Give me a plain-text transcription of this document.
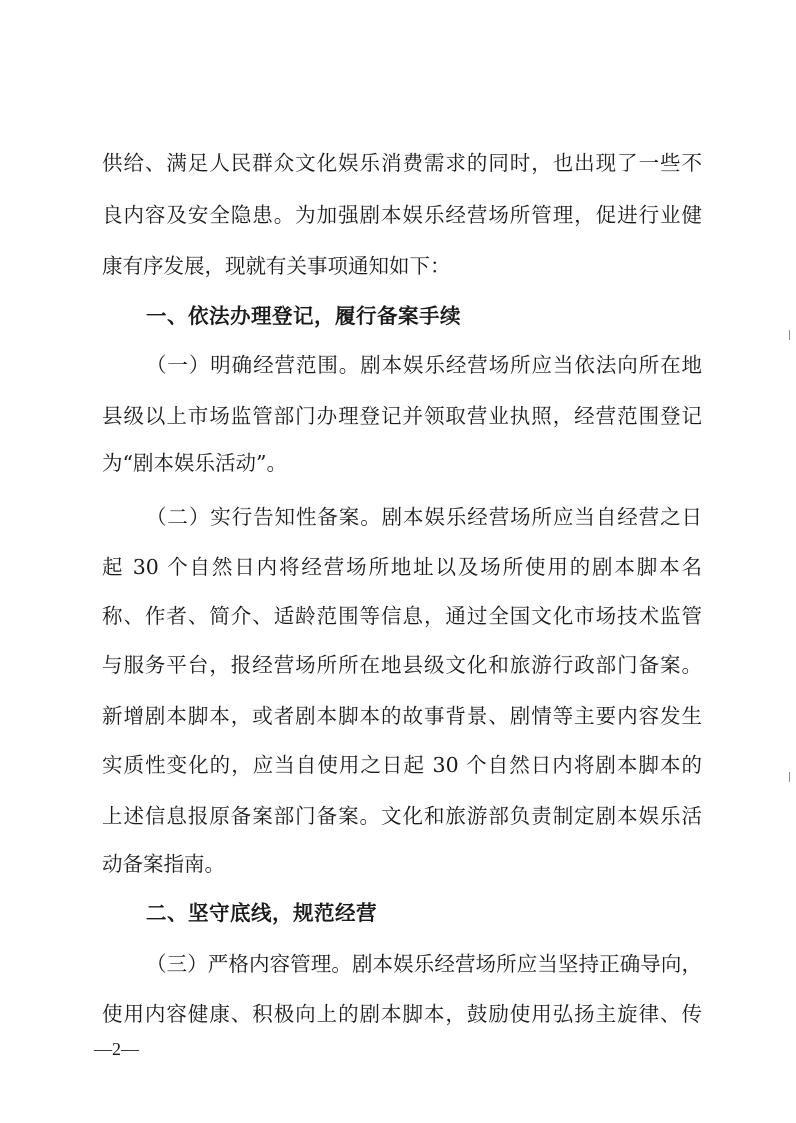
供给、满足人民群众文化娱乐消费需求的同时，也出现了一些不
良内容及安全隐患。为加强剧本娱乐经营场所管理，促进行业健
康有序发展，现就有关事项通知如下：
一、依法办理登记，履行备案手续
（一）明确经营范围。剧本娱乐经营场所应当依法向所在地
县级以上市场监管部门办理登记并领取营业执照，经营范围登记
为“剧本娱乐活动”。
（二）实行告知性备案。剧本娱乐经营场所应当自经营之日
起 30 个自然日内将经营场所地址以及场所使用的剧本脚本名
称、作者、简介、适龄范围等信息，通过全国文化市场技术监管
与服务平台，报经营场所所在地县级文化和旅游行政部门备案。
新增剧本脚本，或者剧本脚本的故事背景、剧情等主要内容发生
实质性变化的，应当自使用之日起 30 个自然日内将剧本脚本的
上述信息报原备案部门备案。文化和旅游部负责制定剧本娱乐活
动备案指南。
二、坚守底线，规范经营
（三）严格内容管理。剧本娱乐经营场所应当坚持正确导向，
使用内容健康、积极向上的剧本脚本，鼓励使用弘扬主旋律、传
—2—
